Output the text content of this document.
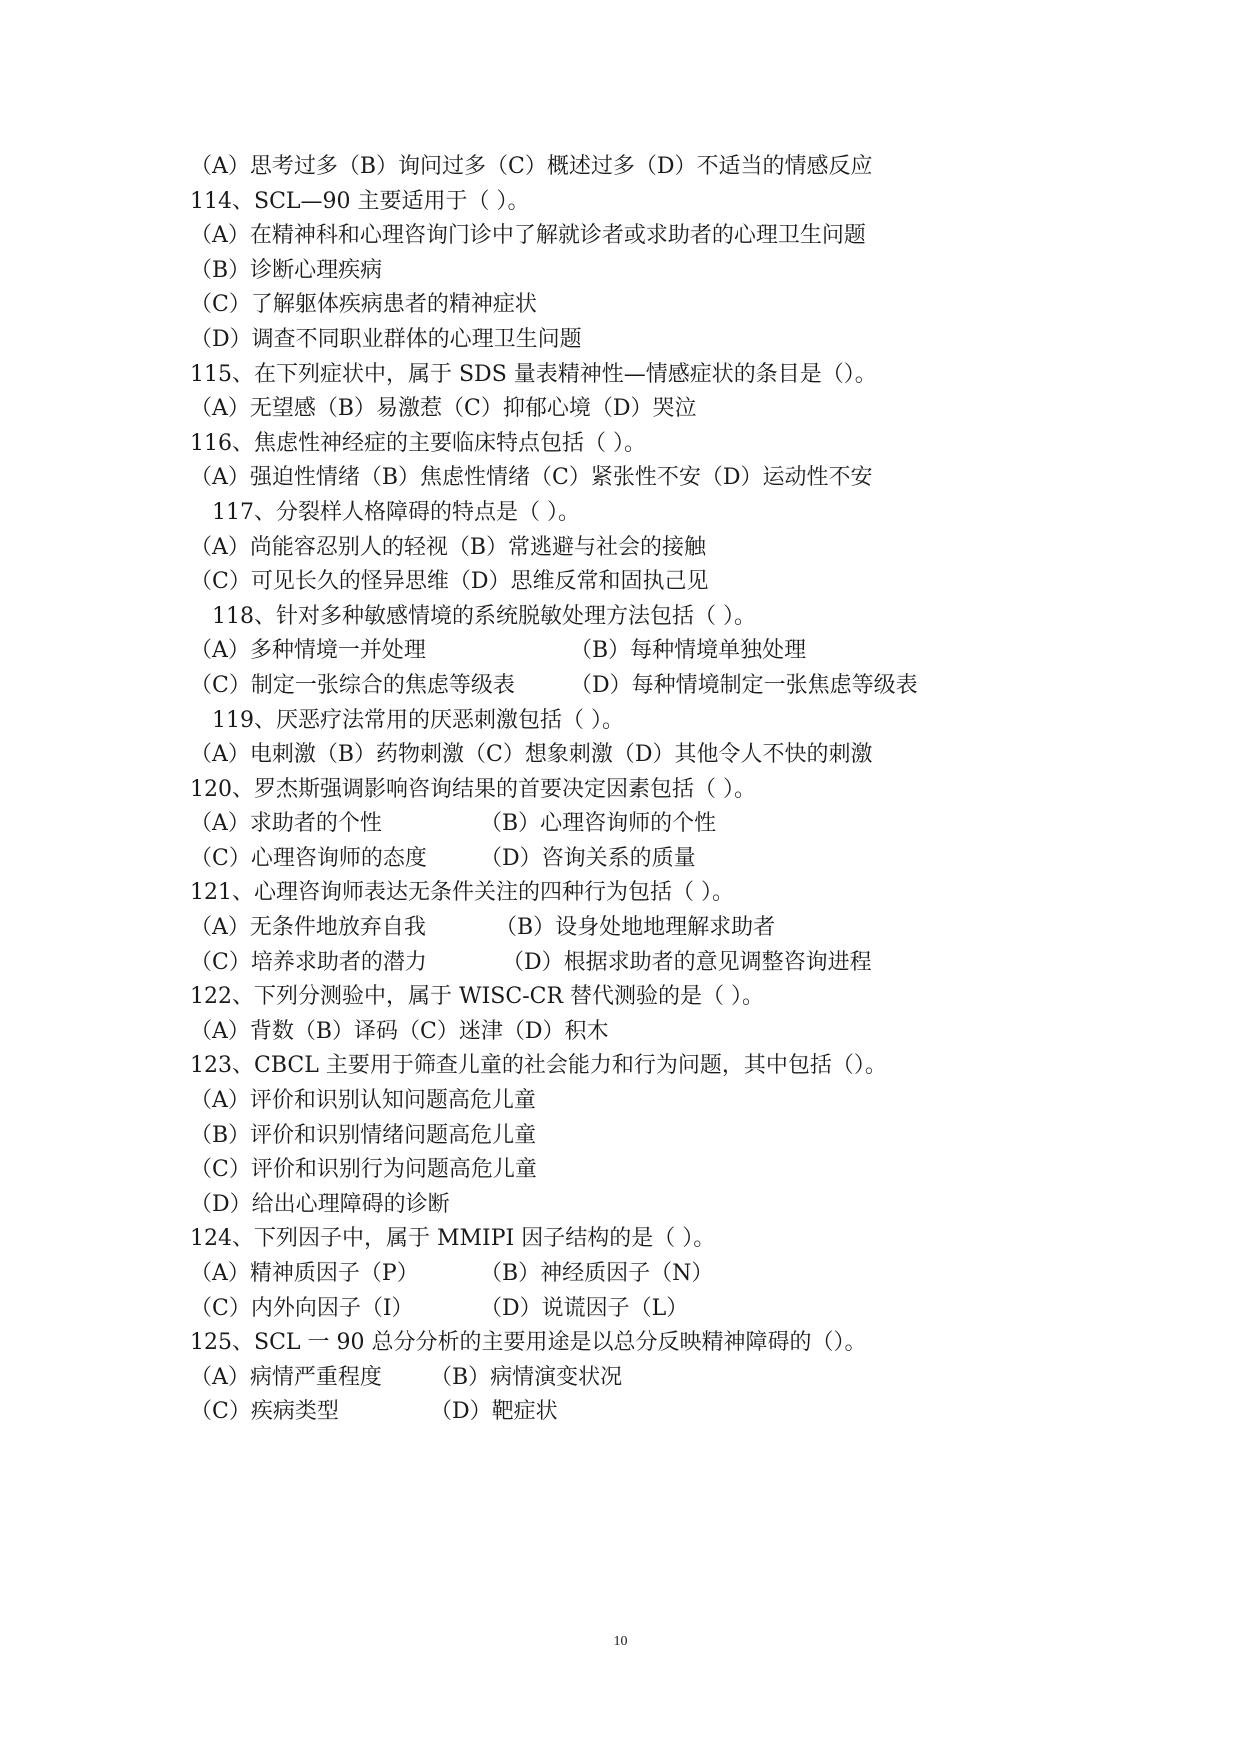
（A）思考过多（B）询问过多（C）概述过多（D）不适当的情感反应
114、SCL—90 主要适用于（ ）。
（A）在精神科和心理咨询门诊中了解就诊者或求助者的心理卫生问题
（B）诊断心理疾病
（C）了解躯体疾病患者的精神症状
（D）调查不同职业群体的心理卫生问题
115、在下列症状中，属于 SDS 量表精神性—情感症状的条目是（）。
（A）无望感（B）易激惹（C）抑郁心境（D）哭泣
116、焦虑性神经症的主要临床特点包括（ ）。
（A）强迫性情绪（B）焦虑性情绪（C）紧张性不安（D）运动性不安
117、分裂样人格障碍的特点是（ ）。
（A）尚能容忍别人的轻视（B）常逃避与社会的接触
（C）可见长久的怪异思维（D）思维反常和固执己见
118、针对多种敏感情境的系统脱敏处理方法包括（ ）。
（A）多种情境一并处理	（B）每种情境单独处理
（C）制定一张综合的焦虑等级表	（D）每种情境制定一张焦虑等级表
119、厌恶疗法常用的厌恶刺激包括（ ）。
（A）电刺激（B）药物刺激（C）想象刺激（D）其他令人不快的刺激
120、罗杰斯强调影响咨询结果的首要决定因素包括（ ）。
（A）求助者的个性	（B）心理咨询师的个性
（C）心理咨询师的态度 （D）咨询关系的质量
121、心理咨询师表达无条件关注的四种行为包括（ ）。
（A）无条件地放弃自我	（B）设身处地地理解求助者
（C）培养求助者的潜力	（D）根据求助者的意见调整咨询进程
122、下列分测验中，属于 WISC-CR 替代测验的是（ ）。
（A）背数（B）译码（C）迷津（D）积木
123、CBCL 主要用于筛查儿童的社会能力和行为问题，其中包括（）。
（A）评价和识别认知问题高危儿童
（B）评价和识别情绪问题高危儿童
（C）评价和识别行为问题高危儿童
（D）给出心理障碍的诊断
124、下列因子中，属于 MMIPI 因子结构的是（ ）。
（A）精神质因子（P）	（B）神经质因子（N）
（C）内外向因子（I）	（D）说谎因子（L）
125、SCL 一 90 总分分析的主要用途是以总分反映精神障碍的（）。
（A）病情严重程度 （B）病情演变状况
（C）疾病类型	（D）靶症状
10
